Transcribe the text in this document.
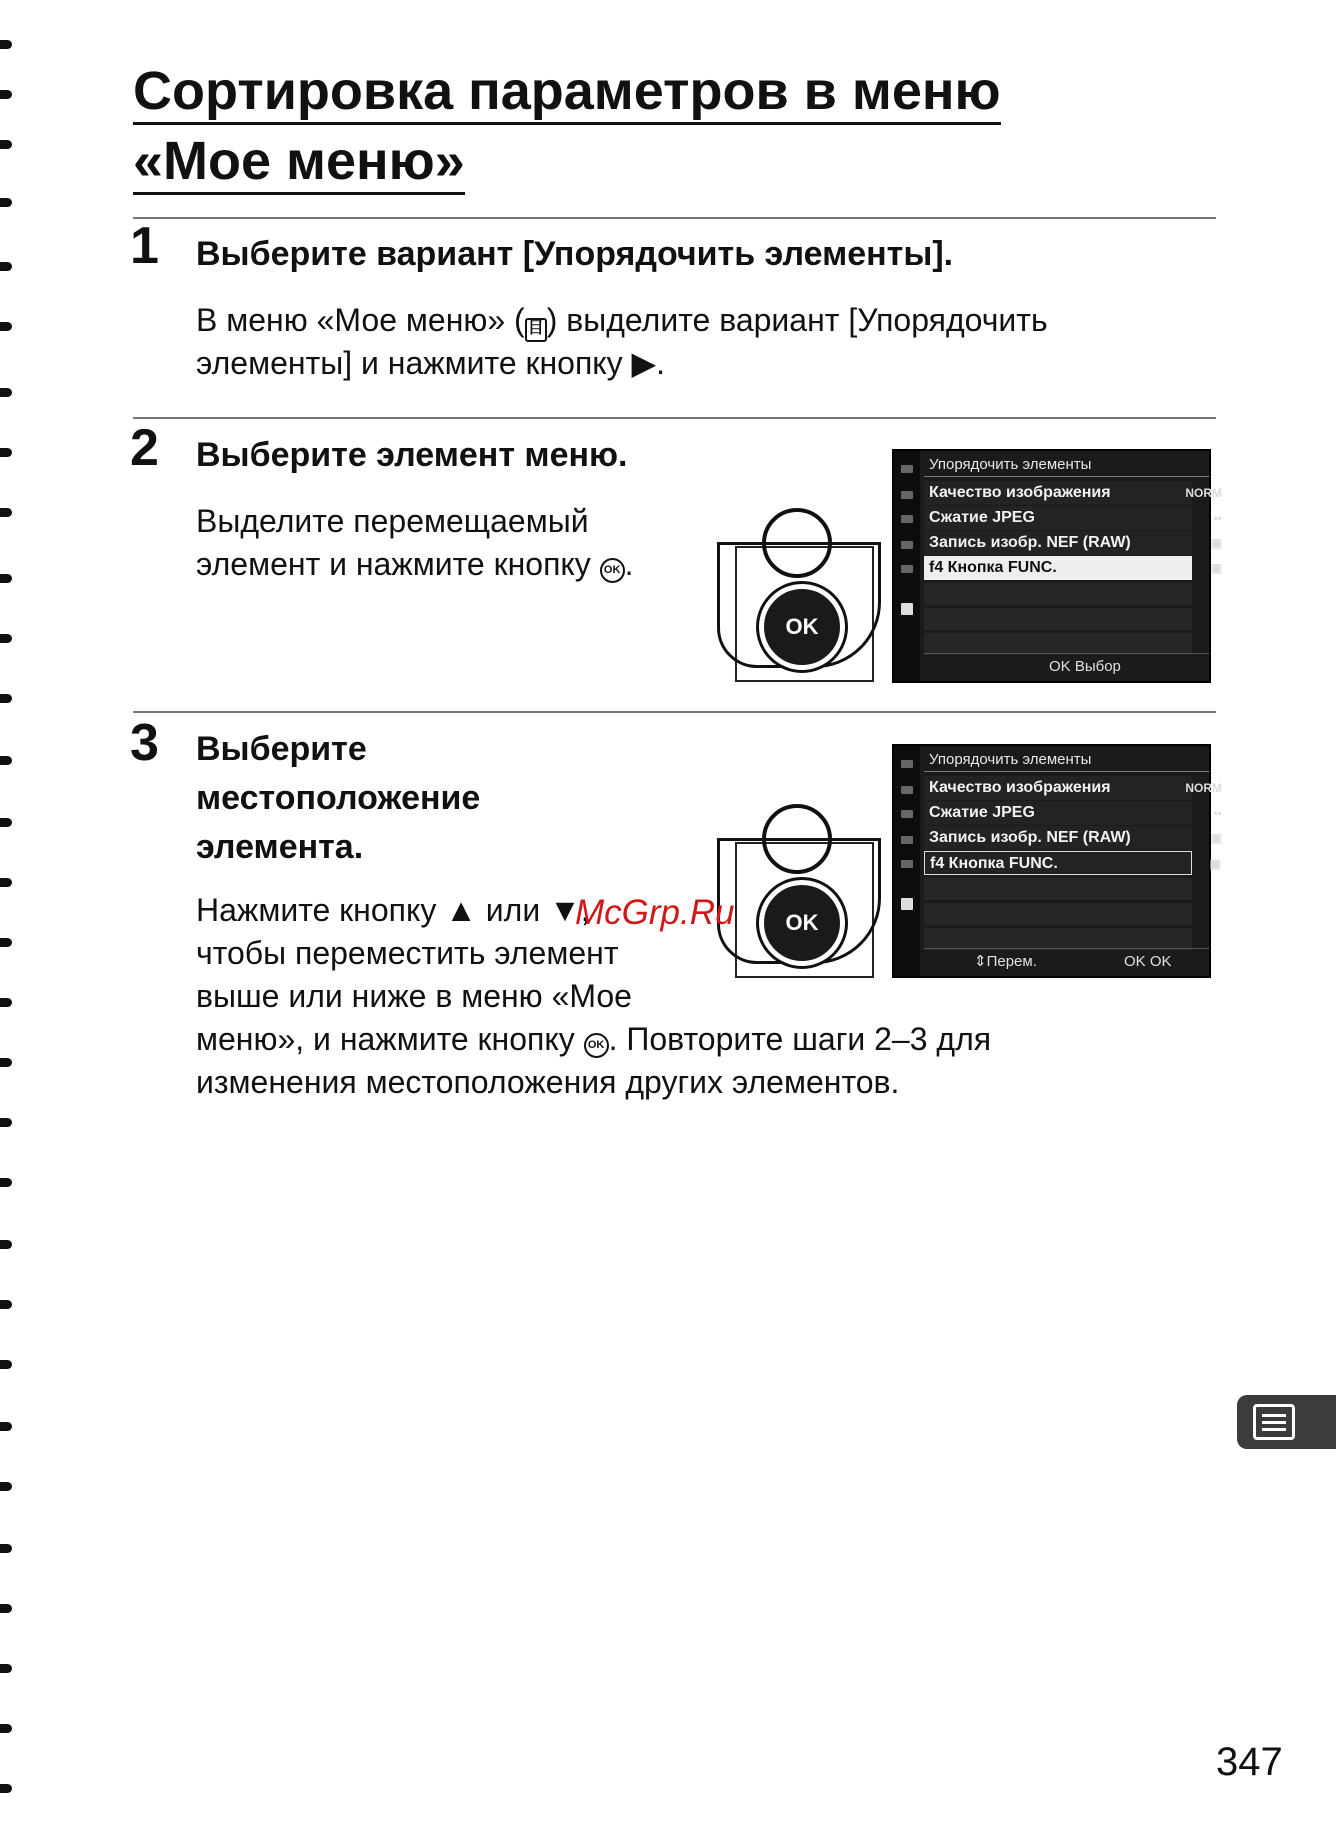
Сортировка параметров в меню
«Мое меню»
1 Выберите вариант [Упорядочить элементы].
В меню «Мое меню» ( 目) выделите вариант [Упорядочить
элементы] и нажмите кнопку ▶.
2 Выберите элемент меню.
Выделите перемещаемый
элемент и нажмите кнопку OK .
OK
Упорядочить элементы
Качество изображения	NORM
Сжатие JPEG	▪▪
Запись изобр. NEF (RAW)	▣
f4 Кнопка FUNC.	▣
OK Выбор
3 Выберите
местоположение
элемента.
Нажмите кнопку ▲ или ▼,
чтобы переместить элемент
выше или ниже в меню «Мое
меню», и нажмите кнопку OK . Повторите шаги 2–3 для
изменения местоположения других элементов.
OK
Упорядочить элементы
Качество изображения	NORM
Сжатие JPEG	▪▪
Запись изобр. NEF (RAW)	▣
f4 Кнопка FUNC.	▣
⇕Перем.	OK OK
McGrp.Ru
347
